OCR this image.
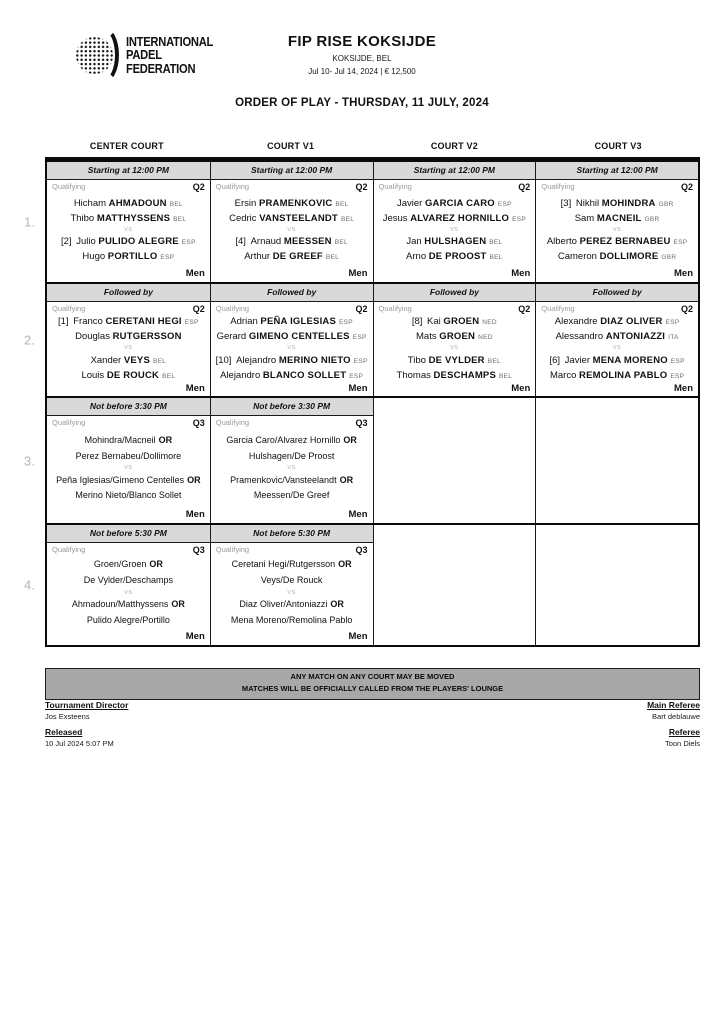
INTERNATIONAL
PADEL
FEDERATION
FIP RISE KOKSIJDE
KOKSIJDE, BEL
Jul 10- Jul 14, 2024 | € 12,500
ORDER OF PLAY - THURSDAY, 11 JULY, 2024
CENTER COURT	COURT V1	COURT V2	COURT V3
1.
Starting at 12:00 PM
Qualifying	Q2
Hicham AHMADOUN BEL
Thibo MATTHYSSENS BEL
VS
[2] Julio PULIDO ALEGRE ESP
Hugo PORTILLO ESP
Men
Starting at 12:00 PM
Qualifying	Q2
Ersin PRAMENKOVIC BEL
Cedric VANSTEELANDT BEL
VS
[4] Arnaud MEESSEN BEL
Arthur DE GREEF BEL
Men
Starting at 12:00 PM
Qualifying	Q2
Javier GARCIA CARO ESP
Jesus ALVAREZ HORNILLO ESP
VS
Jan HULSHAGEN BEL
Arno DE PROOST BEL
Men
Starting at 12:00 PM
Qualifying	Q2
[3] Nikhil MOHINDRA GBR
Sam MACNEIL GBR
VS
Alberto PEREZ BERNABEU ESP
Cameron DOLLIMORE GBR
Men
2.
Followed by
Qualifying	Q2
[1] Franco CERETANI HEGI ESP
Douglas RUTGERSSON
VS
Xander VEYS BEL
Louis DE ROUCK BEL
Men
Followed by
Qualifying	Q2
Adrian PEÑA IGLESIAS ESP
Gerard GIMENO CENTELLES ESP
VS
[10] Alejandro MERINO NIETO ESP
Alejandro BLANCO SOLLET ESP
Men
Followed by
Qualifying	Q2
[8] Kai GROEN NED
Mats GROEN NED
VS
Tibo DE VYLDER BEL
Thomas DESCHAMPS BEL
Men
Followed by
Qualifying	Q2
Alexandre DIAZ OLIVER ESP
Alessandro ANTONIAZZI ITA
VS
[6] Javier MENA MORENO ESP
Marco REMOLINA PABLO ESP
Men
3.
Not before 3:30 PM
Qualifying	Q3
Mohindra/Macneil OR
Perez Bernabeu/Dollimore
VS
Peña Iglesias/Gimeno Centelles OR
Merino Nieto/Blanco Sollet
Men
Not before 3:30 PM
Qualifying	Q3
Garcia Caro/Alvarez Hornillo OR
Hulshagen/De Proost
VS
Pramenkovic/Vansteelandt OR
Meessen/De Greef
Men
4.
Not before 5:30 PM
Qualifying	Q3
Groen/Groen OR
De Vylder/Deschamps
VS
Ahmadoun/Matthyssens OR
Pulido Alegre/Portillo
Men
Not before 5:30 PM
Qualifying	Q3
Ceretani Hegi/Rutgersson OR
Veys/De Rouck
VS
Diaz Oliver/Antoniazzi OR
Mena Moreno/Remolina Pablo
Men
ANY MATCH ON ANY COURT MAY BE MOVED
MATCHES WILL BE OFFICIALLY CALLED FROM THE PLAYERS' LOUNGE
Tournament Director
Jos Exsteens
Released
10 Jul 2024 5:07 PM
Main Referee
Bart deblauwe
Referee
Toon Diels
